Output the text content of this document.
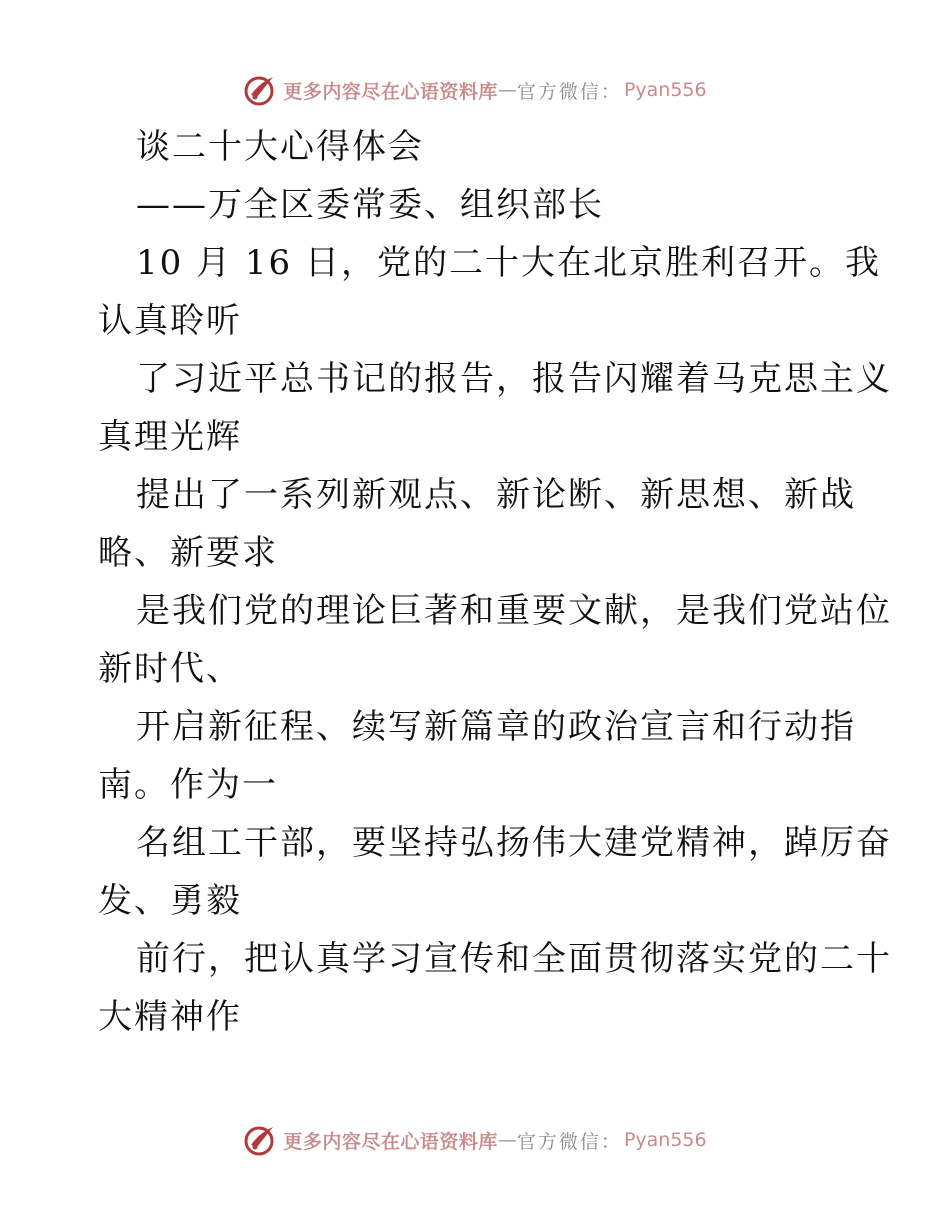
更多内容尽在心语资料库 — 官方微信： Pyan556
谈二十大心得体会
——万全区委常委、组织部长
10 月 16 日，党的二十大在北京胜利召开。我
认真聆听
了习近平总书记的报告，报告闪耀着马克思主义
真理光辉
提出了一系列新观点、新论断、新思想、新战
略、新要求
是我们党的理论巨著和重要文献，是我们党站位
新时代、
开启新征程、续写新篇章的政治宣言和行动指
南。作为一
名组工干部，要坚持弘扬伟大建党精神，踔厉奋
发、勇毅
前行，把认真学习宣传和全面贯彻落实党的二十
大精神作
更多内容尽在心语资料库 — 官方微信： Pyan556
